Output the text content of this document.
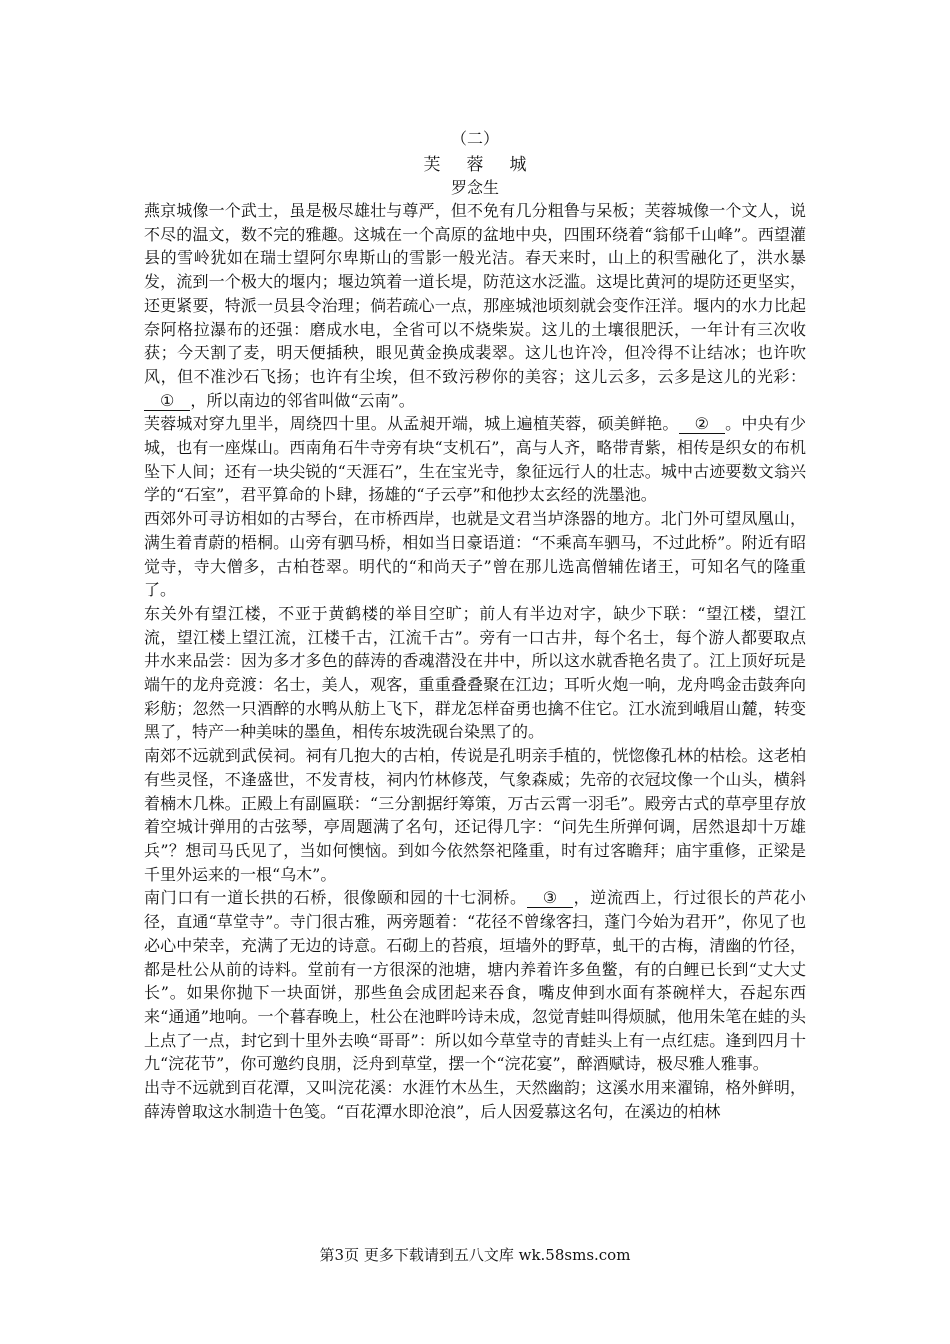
（二）
芙蓉城
罗念生

燕京城像一个武士，虽是极尽雄壮与尊严，但不免有几分粗鲁与呆板；芙蓉城像一个文人，说不尽的温文，数不完的雅趣。这城在一个高原的盆地中央，四围环绕着“翁郁千山峰”。西望灌县的雪岭犹如在瑞士望阿尔卑斯山的雪影一般光洁。春天来时，山上的积雪融化了，洪水暴发，流到一个极大的堰内；堰边筑着一道长堤，防范这水泛滥。这堤比黄河的堤防还更坚实，还更紧要，特派一员县令治理；倘若疏心一点，那座城池顷刻就会变作汪洋。堰内的水力比起奈阿格拉瀑布的还强：磨成水电，全省可以不烧柴炭。这儿的土壤很肥沃，一年计有三次收获；今天割了麦，明天便插秧，眼见黄金换成裴翠。这儿也许冷，但冷得不让结冰；也许吹风，但不准沙石飞扬；也许有尘埃，但不致污秽你的美容；这儿云多，云多是这儿的光彩：① ，所以南边的邻省叫做“云南”。

芙蓉城对穿九里半，周绕四十里。从孟昶开端，城上遍植芙蓉，硕美鲜艳。 ② 。中央有少城，也有一座煤山。西南角石牛寺旁有块“支机石”，高与人齐，略带青紫，相传是织女的布机坠下人间；还有一块尖锐的“天涯石”，生在宝光寺，象征远行人的壮志。城中古迹要数文翁兴学的“石室”，君平算命的卜肆，扬雄的“子云亭”和他抄太玄经的洗墨池。

西郊外可寻访相如的古琴台，在市桥西岸，也就是文君当垆涤器的地方。北门外可望凤凰山，满生着青蔚的梧桐。山旁有驷马桥，相如当日豪语道：“不乘高车驷马，不过此桥”。附近有昭觉寺，寺大僧多，古柏苍翠。明代的“和尚天子”曾在那儿选高僧辅佐诸王，可知名气的隆重了。

东关外有望江楼，不亚于黄鹤楼的举目空旷；前人有半边对字，缺少下联：“望江楼，望江流，望江楼上望江流，江楼千古，江流千古”。旁有一口古井，每个名士，每个游人都要取点井水来品尝：因为多才多色的薛涛的香魂潜没在井中，所以这水就香艳名贵了。江上顶好玩是端午的龙舟竞渡：名士，美人，观客，重重叠叠聚在江边；耳听火炮一响，龙舟鸣金击鼓奔向彩舫；忽然一只酒醉的水鸭从舫上飞下，群龙怎样奋勇也擒不住它。江水流到峨眉山麓，转变黑了，特产一种美味的墨鱼，相传东坡洗砚台染黑了的。

南郊不远就到武侯祠。祠有几抱大的古柏，传说是孔明亲手植的，恍惚像孔林的枯桧。这老柏有些灵怪，不逢盛世，不发青枝，祠内竹林修茂，气象森威；先帝的衣冠坟像一个山头，横斜着楠木几株。正殿上有副匾联：“三分割据纡筹策，万古云霄一羽毛”。殿旁古式的草亭里存放着空城计弹用的古弦琴，亭周题满了名句，还记得几字：“问先生所弹何调，居然退却十万雄兵”？想司马氏见了，当如何懊恼。到如今依然祭祀隆重，时有过客瞻拜；庙宇重修，正梁是千里外运来的一根“乌木”。

南门口有一道长拱的石桥，很像颐和园的十七洞桥。 ③ ，逆流西上，行过很长的芦花小径，直通“草堂寺”。寺门很古雅，两旁题着：“花径不曾缘客扫，蓬门今始为君开”，你见了也必心中荣幸，充满了无边的诗意。石砌上的苔痕，垣墙外的野草，虬干的古梅，清幽的竹径，都是杜公从前的诗料。堂前有一方很深的池塘，塘内养着许多鱼鳖，有的白鲤已长到“丈大丈长”。如果你抛下一块面饼，那些鱼会成团起来吞食，嘴皮伸到水面有茶碗样大，吞起东西来“通通”地响。一个暮春晚上，杜公在池畔吟诗未成，忽觉青蛙叫得烦腻，他用朱笔在蛙的头上点了一点，封它到十里外去唤“哥哥”：所以如今草堂寺的青蛙头上有一点红痣。逢到四月十九“浣花节”，你可邀约良朋，泛舟到草堂，摆一个“浣花宴”，醉酒赋诗，极尽雅人雅事。

出寺不远就到百花潭，又叫浣花溪：水涯竹木丛生，天然幽韵；这溪水用来濯锦，格外鲜明，薛涛曾取这水制造十色笺。“百花潭水即沧浪”，后人因爱慕这名句，在溪边的柏林

第3页 更多下载请到五八文库 wk.58sms.com
